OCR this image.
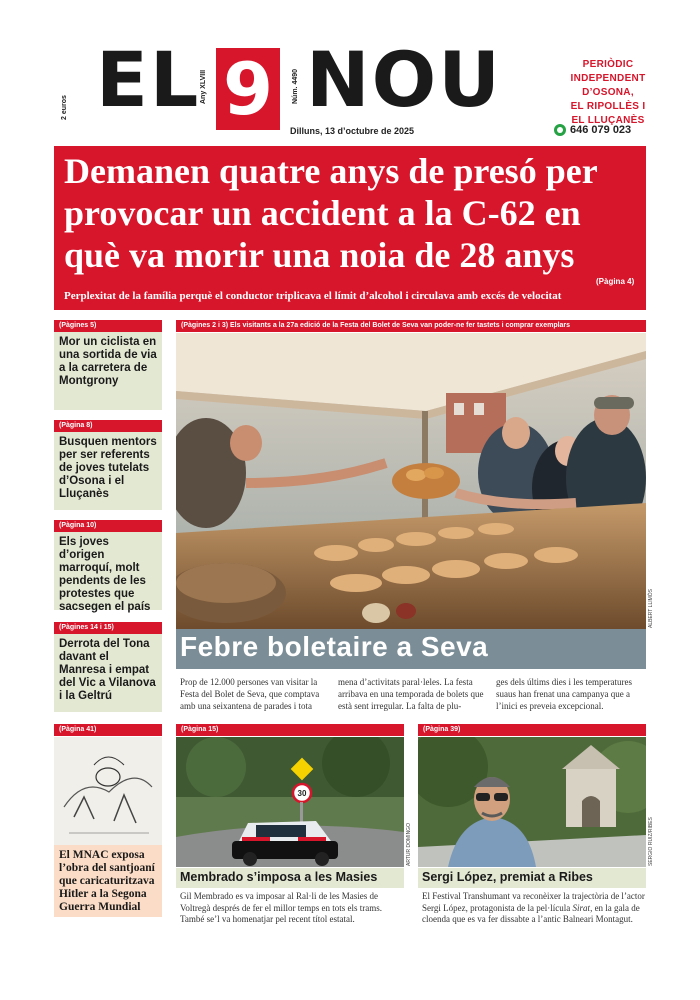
2 euros
Any XLVIII	Núm. 4490
EL 9 NOU	PERIÒDIC
INDEPENDENT
D’OSONA,
EL RIPOLLÈS I
EL LLUÇANÈS
646 079 023
Dilluns, 13 d’octubre de 2025
Demanen quatre anys de presó per provocar un accident a la C-62 en què va morir una noia de 28 anys
(Pàgina 4)
Perplexitat de la família perquè el conductor triplicava el límit d’alcohol i circulava amb excés de velocitat
(Pàgines 5)
Mor un ciclista en una sortida de via a la carretera de Montgrony
(Pàgina 8)
Busquen mentors per ser referents de joves tutelats d’Osona i el Lluçanès
(Pàgina 10)
Els joves d’origen marroquí, molt pendents de les protestes que sacsegen el país
(Pàgines 14 i 15)
Derrota del Tona davant el Manresa i empat del Vic a Vilanova i la Geltrú
(Pàgines 2 i 3) Els visitants a la 27a edició de la Festa del Bolet de Seva van poder-ne fer tastets i comprar exemplars
ALBERT LLIMÓS
Febre boletaire a Seva
Prop de 12.000 persones van visitar la Festa del Bolet de Seva, que comptava amb una seixantena de parades i tota
mena d’activitats paral·leles. La festa arribava en una temporada de bolets que està sent irregular. La falta de plu-
ges dels últims dies i les temperatures suaus han frenat una campanya que a l’inici es preveia excepcional.
(Pàgina 41)
El MNAC exposa l’obra del santjoaní que caricaturitzava Hitler a la Segona Guerra Mundial
(Pàgina 15)
30
ARTUR DOMINGO
Membrado s’imposa a les Masies
Gil Membrado es va imposar al Ral·li de les Masies de Voltregà després de fer el millor temps en tots els trams. També se’l va homenatjar pel recent títol estatal.
(Pàgina 39)
SERGIO RUIZ/RIBES
Sergi López, premiat a Ribes
El Festival Transhumant va reconèixer la trajectòria de l’actor Sergi López, protagonista de la pel·lícula Sirat, en la gala de cloenda que es va fer dissabte a l’antic Balneari Montagut.
